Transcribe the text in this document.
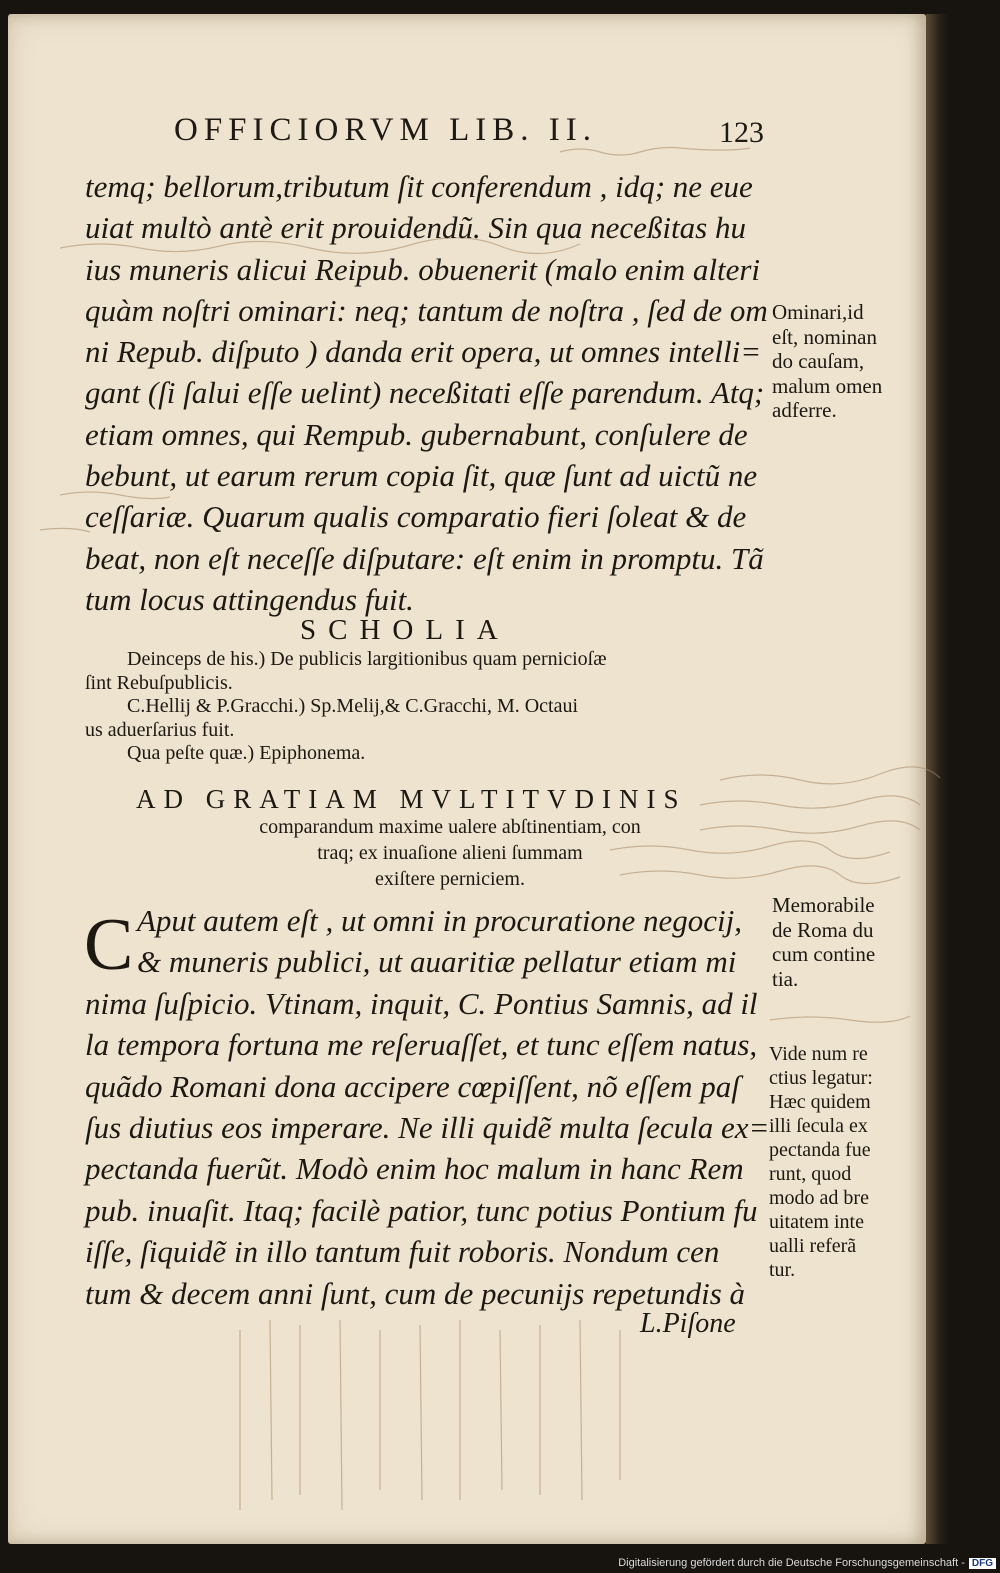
OFFICIORVM LIB. II.	123
temq; bellorum,tributum ſit conferendum , idq; ne eue
uiat multò antè erit prouidendũ. Sin qua neceßitas hu
ius muneris alicui Reipub. obuenerit (malo enim alteri
quàm noſtri ominari: neq; tantum de noſtra , ſed de om
ni Repub. diſputo ) danda erit opera, ut omnes intelli=
gant (ſi ſalui eſſe uelint) neceßitati eſſe parendum. Atq;
etiam omnes, qui Rempub. gubernabunt, conſulere de
bebunt, ut earum rerum copia ſit, quæ ſunt ad uictũ ne
ceſſariæ. Quarum qualis comparatio fieri ſoleat & de
beat, non eſt neceſſe diſputare: eſt enim in promptu. Tã
tum locus attingendus fuit.
SCHOLIA

Deinceps de his.) De publicis largitionibus quam pernicioſæ

ſint Rebuſpublicis.

C.Hellij & P.Gracchi.) Sp.Melij,& C.Gracchi, M. Octaui

us aduerſarius fuit.

Qua peſte quæ.) Epiphonema.

AD GRATIAM MVLTITVDINIS
comparandum maxime ualere abſtinentiam, con
traq; ex inuaſione alieni ſummam
exiſtere perniciem.
C Aput autem eſt , ut omni in procuratione negocij,
& muneris publici, ut auaritiæ pellatur etiam mi
nima ſuſpicio. Vtinam, inquit, C. Pontius Samnis, ad il
la tempora fortuna me reſeruaſſet, et tunc eſſem natus,
quãdo Romani dona accipere cœpiſſent, nõ eſſem paſ
ſus diutius eos imperare. Ne illi quidẽ multa ſecula ex=
pectanda fuerũt. Modò enim hoc malum in hanc Rem
pub. inuaſit. Itaq; facilè patior, tunc potius Pontium fu
iſſe, ſiquidẽ in illo tantum fuit roboris. Nondum cen
tum & decem anni ſunt, cum de pecunijs repetundis à
L.Piſone
Ominari,id
eſt, nominan
do cauſam,
malum omen
adferre.
Memorabile
de Roma du
cum contine
tia.
Vide num re
ctius legatur:
Hæc quidem
illi ſecula ex
pectanda fue
runt, quod
modo ad bre
uitatem inte
ualli referã
tur.
Digitalisierung gefördert durch die Deutsche Forschungsgemeinschaft - DFG
